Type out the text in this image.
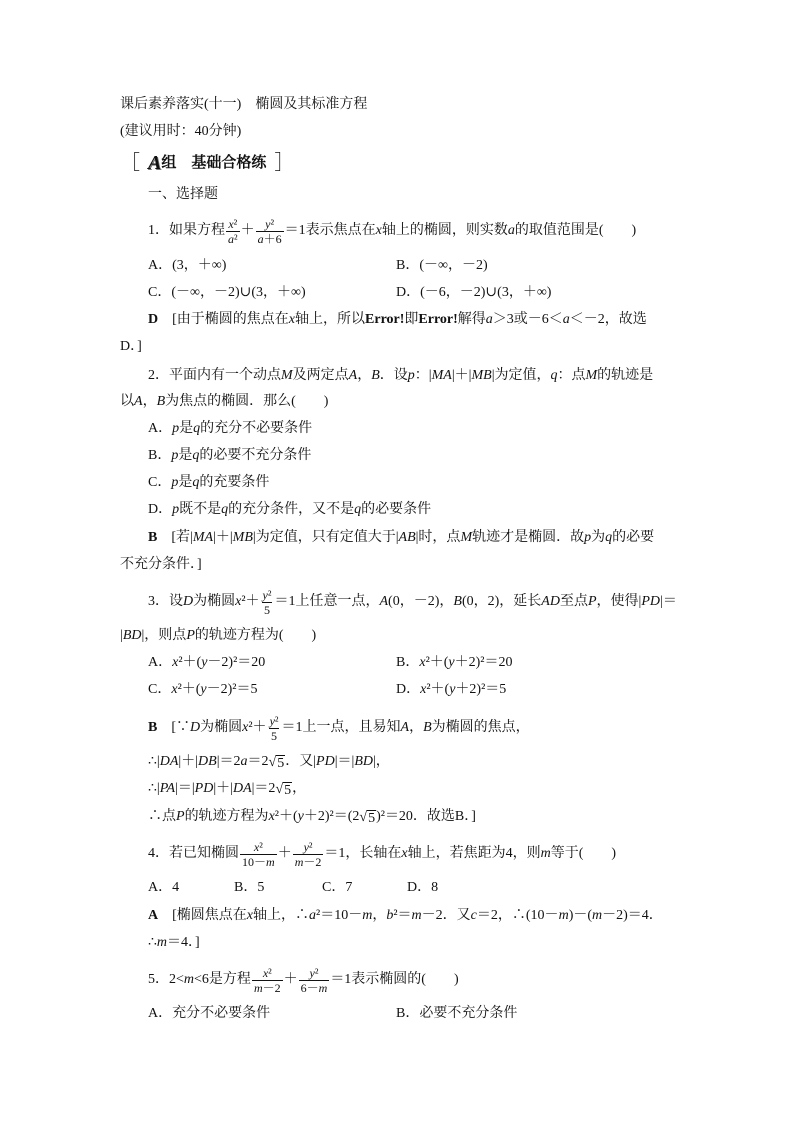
课后素养落实(十一)　椭圆及其标准方程
(建议用时：40分钟)
［ A 组　基础合格练 ］
一、选择题
1．如果方程 $\frac{\text{x²}}{\text{a²}} + \frac{\text{y²}}{a+6} =1$表示焦点在x轴上的椭圆，则实数a的取值范围是(　　)
A．(3，＋∞)	B．(－∞，－2)
C．(－∞，－2)∪(3，＋∞)	D．(－6，－2)∪(3，＋∞)
D 　[由于椭圆的焦点在x轴上，所以 Error! 即 Error! 解得a＞3或－6＜a＜－2，故选
D．]
2．平面内有一个动点M及两定点A，B．设p：|MA|＋|MB|为定值，q：点M的轨迹是
以A，B为焦点的椭圆．那么(　　)
A．p是q的充分不必要条件
B．p是q的必要不充分条件
C．p是q的充要条件
D．p既不是q的充分条件，又不是q的必要条件
B 　[若|MA|＋|MB|为定值，只有定值大于|AB|时，点M轨迹才是椭圆．故p为q的必要
不充分条件．]
3．设D为椭圆$x^2+ \frac{\text{y²}}{5} =1$上任意一点，A(0，－2)，B(0，2)，延长AD至点P，使得|PD|＝
|BD|，则点P的轨迹方程为(　　)
A．x²＋(y－2)²＝20	B．x²＋(y＋2)²＝20
C．x²＋(y－2)²＝5	D．x²＋(y＋2)²＝5
B 　[∵D为椭圆$x^2+ \frac{\text{y²}}{5} =1$上一点，且易知A，B为椭圆的焦点，
∴|DA|＋|DB|＝2a＝2 √ 5 ．又|PD|＝|BD|，
∴|PA|＝|PD|＋|DA|＝2 √ 5 ，
∴点P的轨迹方程为x²＋(y＋2)²＝(2 √ 5 )²＝20．故选B．]
4．若已知椭圆 $\frac{\text{x²}}{10-m} + \frac{\text{y²}}{m-2} =1$，长轴在x轴上，若焦距为4，则m等于(　　)
A．4	B．5	C．7	D．8
A 　[椭圆焦点在x轴上，∴a²＝10－m，b²＝m－2．又c＝2，∴(10－m)－(m－2)＝4．
∴m＝4．]
5．2<m<6是方程 $\frac{\text{x²}}{m-2} + \frac{\text{y²}}{6-m} =1$表示椭圆的(　　)
A．充分不必要条件	B．必要不充分条件
